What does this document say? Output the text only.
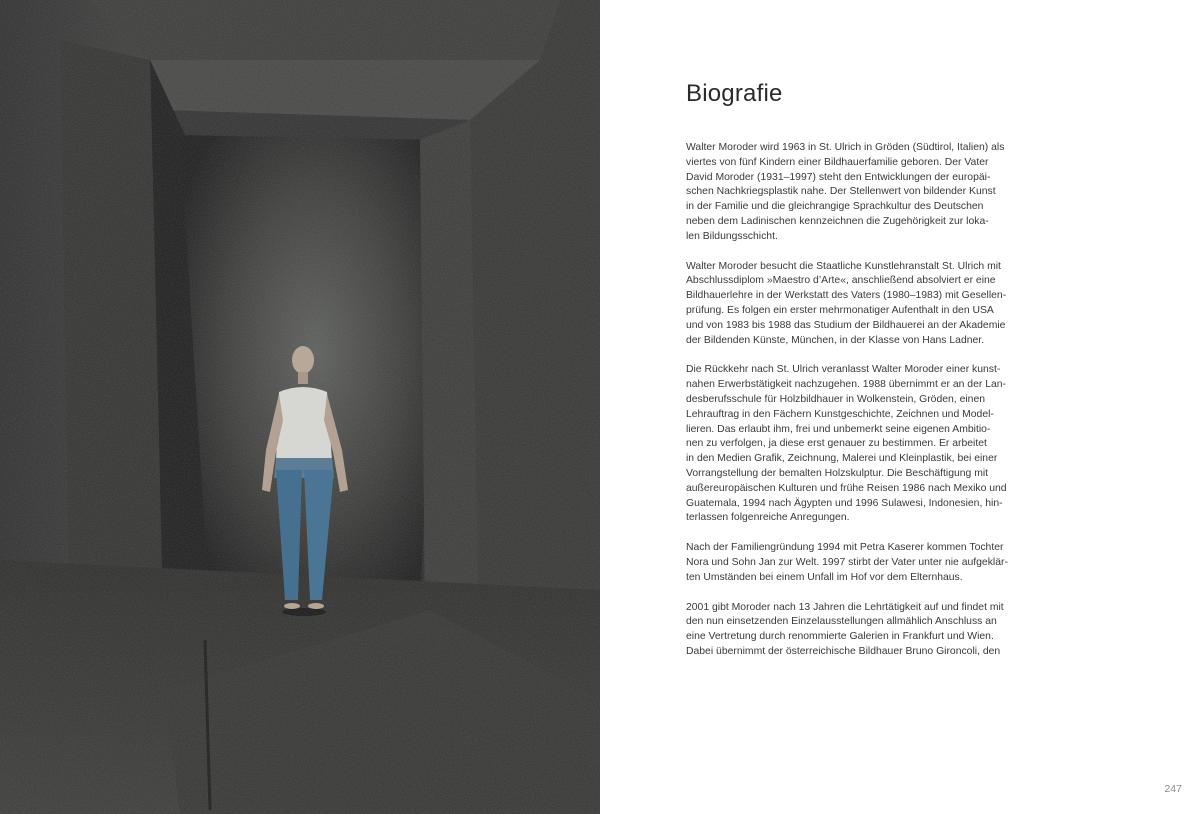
Biografie

Walter Moroder wird 1963 in St. Ulrich in Gröden (Südtirol, Italien) als
viertes von fünf Kindern einer Bildhauerfamilie geboren. Der Vater
David Moroder (1931–1997) steht den Entwicklungen der europäi-
schen Nachkriegsplastik nahe. Der Stellenwert von bildender Kunst
in der Familie und die gleichrangige Sprachkultur des Deutschen
neben dem Ladinischen kennzeichnen die Zugehörigkeit zur loka-
len Bildungsschicht.

Walter Moroder besucht die Staatliche Kunstlehranstalt St. Ulrich mit
Abschlussdiplom »Maestro d’Arte«, anschließend absolviert er eine
Bildhauerlehre in der Werkstatt des Vaters (1980–1983) mit Gesellen-
prüfung. Es folgen ein erster mehrmonatiger Aufenthalt in den USA
und von 1983 bis 1988 das Studium der Bildhauerei an der Akademie
der Bildenden Künste, München, in der Klasse von Hans Ladner.

Die Rückkehr nach St. Ulrich veranlasst Walter Moroder einer kunst-
nahen Erwerbstätigkeit nachzugehen. 1988 übernimmt er an der Lan-
desberufsschule für Holzbildhauer in Wolkenstein, Gröden, einen
Lehrauftrag in den Fächern Kunstgeschichte, Zeichnen und Model-
lieren. Das erlaubt ihm, frei und unbemerkt seine eigenen Ambitio-
nen zu verfolgen, ja diese erst genauer zu bestimmen. Er arbeitet
in den Medien Grafik, Zeichnung, Malerei und Kleinplastik, bei einer
Vorrangstellung der bemalten Holzskulptur. Die Beschäftigung mit
außereuropäischen Kulturen und frühe Reisen 1986 nach Mexiko und
Guatemala, 1994 nach Ägypten und 1996 Sulawesi, Indonesien, hin-
terlassen folgenreiche Anregungen.

Nach der Familiengründung 1994 mit Petra Kaserer kommen Tochter
Nora und Sohn Jan zur Welt. 1997 stirbt der Vater unter nie aufgeklär-
ten Umständen bei einem Unfall im Hof vor dem Elternhaus.

2001 gibt Moroder nach 13 Jahren die Lehrtätigkeit auf und findet mit
den nun einsetzenden Einzelausstellungen allmählich Anschluss an
eine Vertretung durch renommierte Galerien in Frankfurt und Wien.
Dabei übernimmt der österreichische Bildhauer Bruno Gironcoli, den

247
